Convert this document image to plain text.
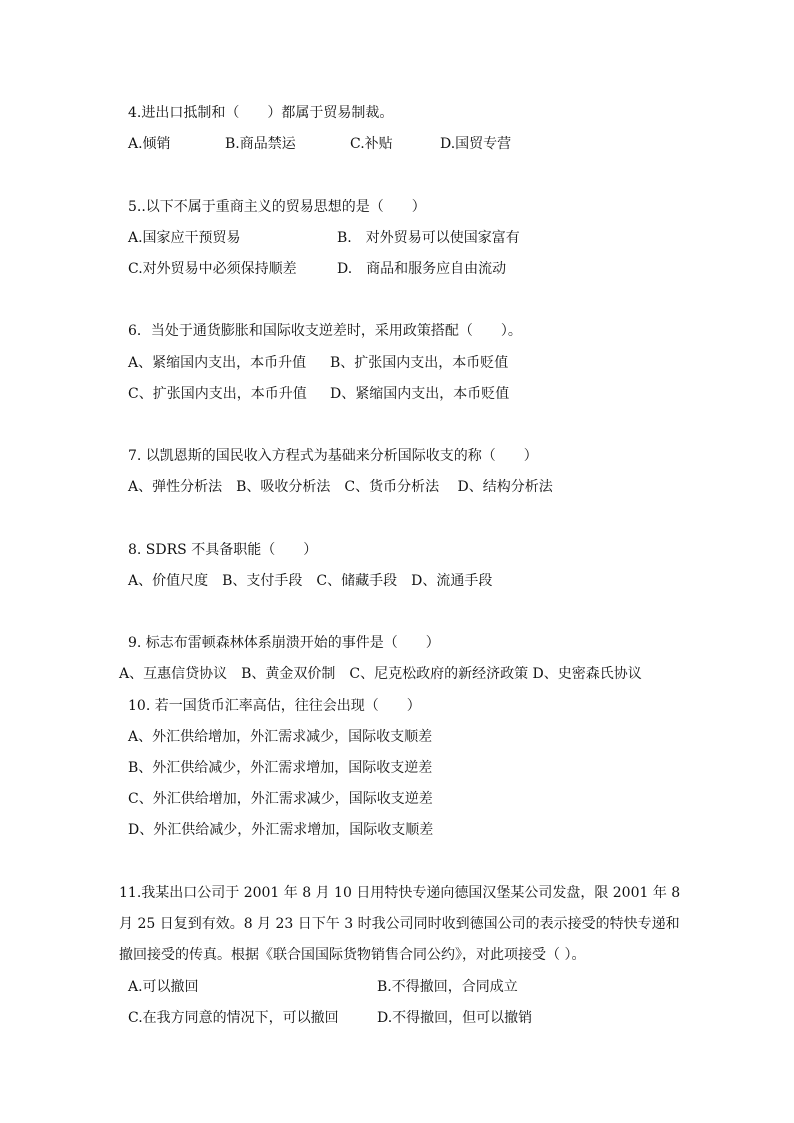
4.进出口抵制和（　　）都属于贸易制裁。
A.倾销	B.商品禁运	C.补贴	D.国贸专营
5..以下不属于重商主义的贸易思想的是（　　）
A.国家应干预贸易	B.　对外贸易可以使国家富有
C.对外贸易中必须保持顺差	D.　商品和服务应自由流动
6．当处于通货膨胀和国际收支逆差时，采用政策搭配（　　）。
A、紧缩国内支出，本币升值 B、扩张国内支出，本币贬值
C、扩张国内支出，本币升值 D、紧缩国内支出，本币贬值
7. 以凯恩斯的国民收入方程式为基础来分析国际收支的称（　　）
A、弹性分析法　B、吸收分析法　C、货币分析法　 D、结构分析法
8. SDRS 不具备职能（　　）
A、价值尺度　B、支付手段　C、储藏手段　D、流通手段
9. 标志布雷顿森林体系崩溃开始的事件是（　　）
A、互惠信贷协议　B、黄金双价制　C、尼克松政府的新经济政策 D、史密森氏协议
10. 若一国货币汇率高估，往往会出现（　　）
A、外汇供给增加，外汇需求减少，国际收支顺差
B、外汇供给减少，外汇需求增加，国际收支逆差
C、外汇供给增加，外汇需求减少，国际收支逆差
D、外汇供给减少，外汇需求增加，国际收支顺差
11.我某出口公司于 2001 年 8 月 10 日用特快专递向德国汉堡某公司发盘，限 2001 年 8
月 25 日复到有效。8 月 23 日下午 3 时我公司同时收到德国公司的表示接受的特快专递和
撤回接受的传真。根据《联合国国际货物销售合同公约》，对此项接受（ ）。
A.可以撤回	B.不得撤回，合同成立
C.在我方同意的情况下，可以撤回	D.不得撤回，但可以撤销
